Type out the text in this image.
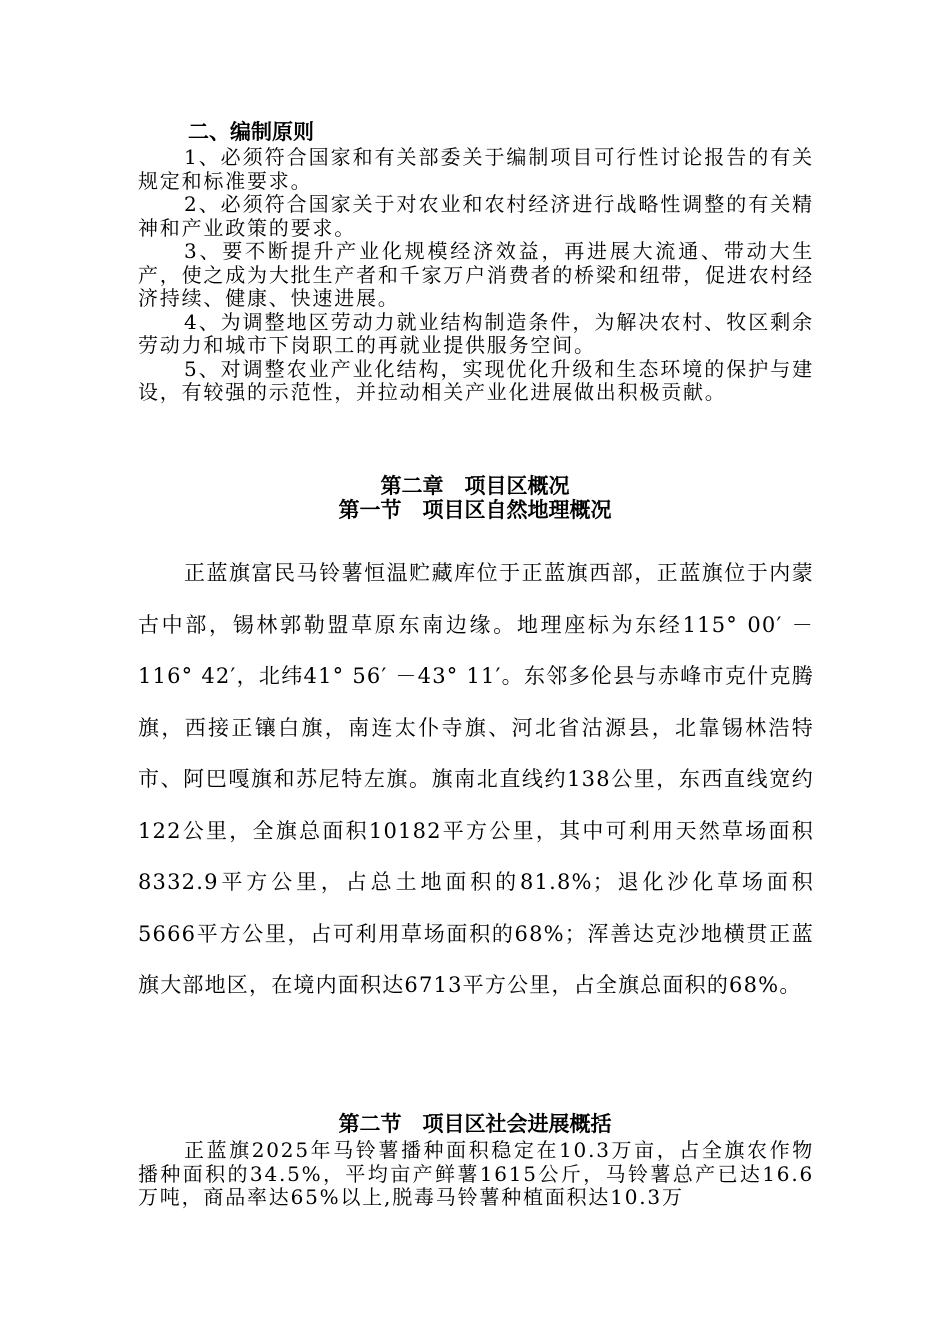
二、编制原则

1、必须符合国家和有关部委关于编制项目可行性讨论报告的有关规定和标准要求。

2、必须符合国家关于对农业和农村经济进行战略性调整的有关精神和产业政策的要求。

3、要不断提升产业化规模经济效益，再进展大流通、带动大生产，使之成为大批生产者和千家万户消费者的桥梁和纽带，促进农村经济持续、健康、快速进展。

4、为调整地区劳动力就业结构制造条件，为解决农村、牧区剩余劳动力和城市下岗职工的再就业提供服务空间。

5、对调整农业产业化结构，实现优化升级和生态环境的保护与建设，有较强的示范性，并拉动相关产业化进展做出积极贡献。

第二章　项目区概况
第一节　项目区自然地理概况

正蓝旗富民马铃薯恒温贮藏库位于正蓝旗西部，正蓝旗位于内蒙古中部，锡林郭勒盟草原东南边缘。地理座标为东经115° 00′ －116° 42′，北纬41° 56′ －43° 11′。东邻多伦县与赤峰市克什克腾旗，西接正镶白旗，南连太仆寺旗、河北省沽源县，北靠锡林浩特市、阿巴嘎旗和苏尼特左旗。旗南北直线约138公里，东西直线宽约122公里，全旗总面积10182平方公里，其中可利用天然草场面积8332.9平方公里，占总土地面积的81.8%；退化沙化草场面积5666平方公里，占可利用草场面积的68%；浑善达克沙地横贯正蓝旗大部地区，在境内面积达6713平方公里，占全旗总面积的68%。

第二节　项目区社会进展概括

正蓝旗2025年马铃薯播种面积稳定在10.3万亩，占全旗农作物播种面积的34.5%，平均亩产鲜薯1615公斤，马铃薯总产已达16.6万吨，商品率达65%以上,脱毒马铃薯种植面积达10.3万
